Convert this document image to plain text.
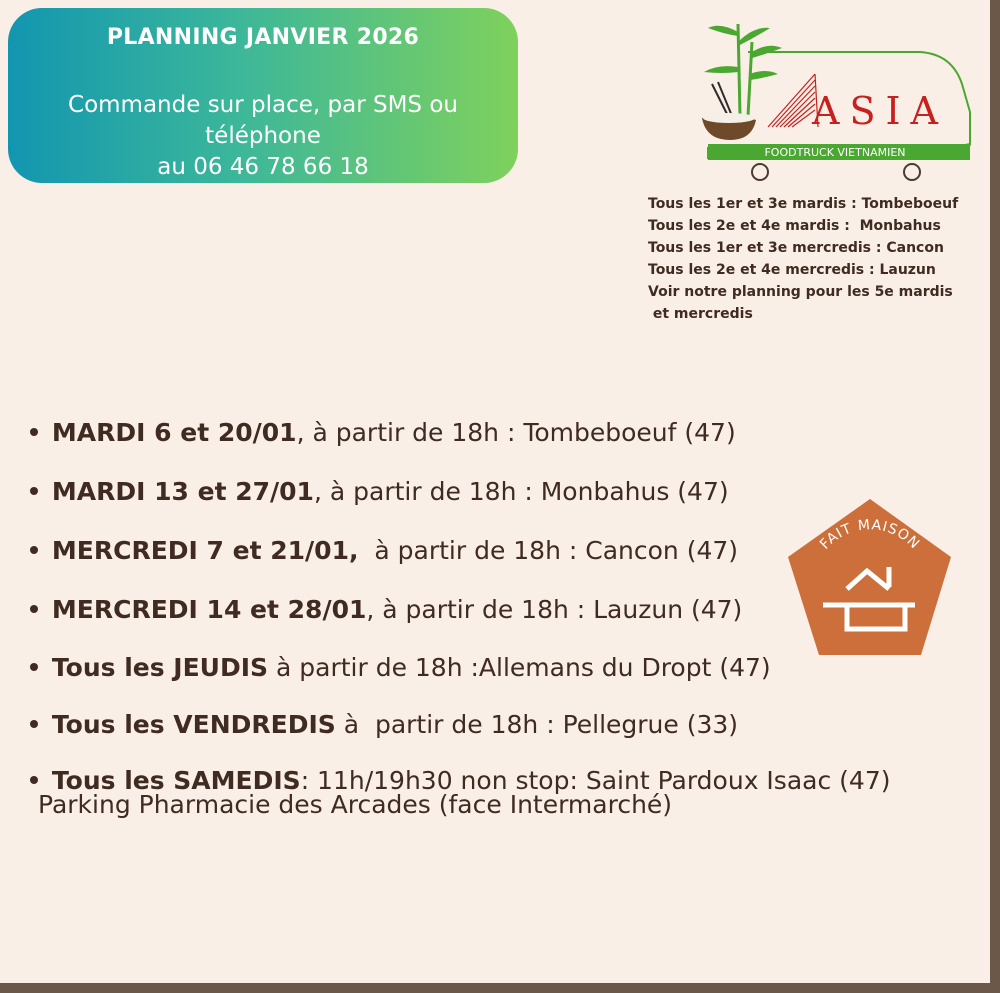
PLANNING JANVIER 2026
Commande sur place, par SMS ou
téléphone
au 06 46 78 66 18
FOODTRUCK VIETNAMIEN
ASIA
Tous les 1er et 3e mardis : Tombeboeuf
Tous les 2e et 4e mardis :  Monbahus
Tous les 1er et 3e mercredis : Cancon
Tous les 2e et 4e mercredis : Lauzun
Voir notre planning pour les 5e mardis
et mercredis

MARDI 6 et 20/01, à partir de 18h : Tombeboeuf (47)

MARDI 13 et 27/01, à partir de 18h : Monbahus (47)

MERCREDI 7 et 21/01,  à partir de 18h : Cancon (47)

MERCREDI 14 et 28/01, à partir de 18h : Lauzun (47)

Tous les JEUDIS à partir de 18h :Allemans du Dropt (47)

Tous les VENDREDIS à  partir de 18h : Pellegrue (33)

Tous les SAMEDIS: 11h/19h30 non stop: Saint Pardoux Isaac (47)

Parking Pharmacie des Arcades (face Intermarché)
FAIT MAISON
